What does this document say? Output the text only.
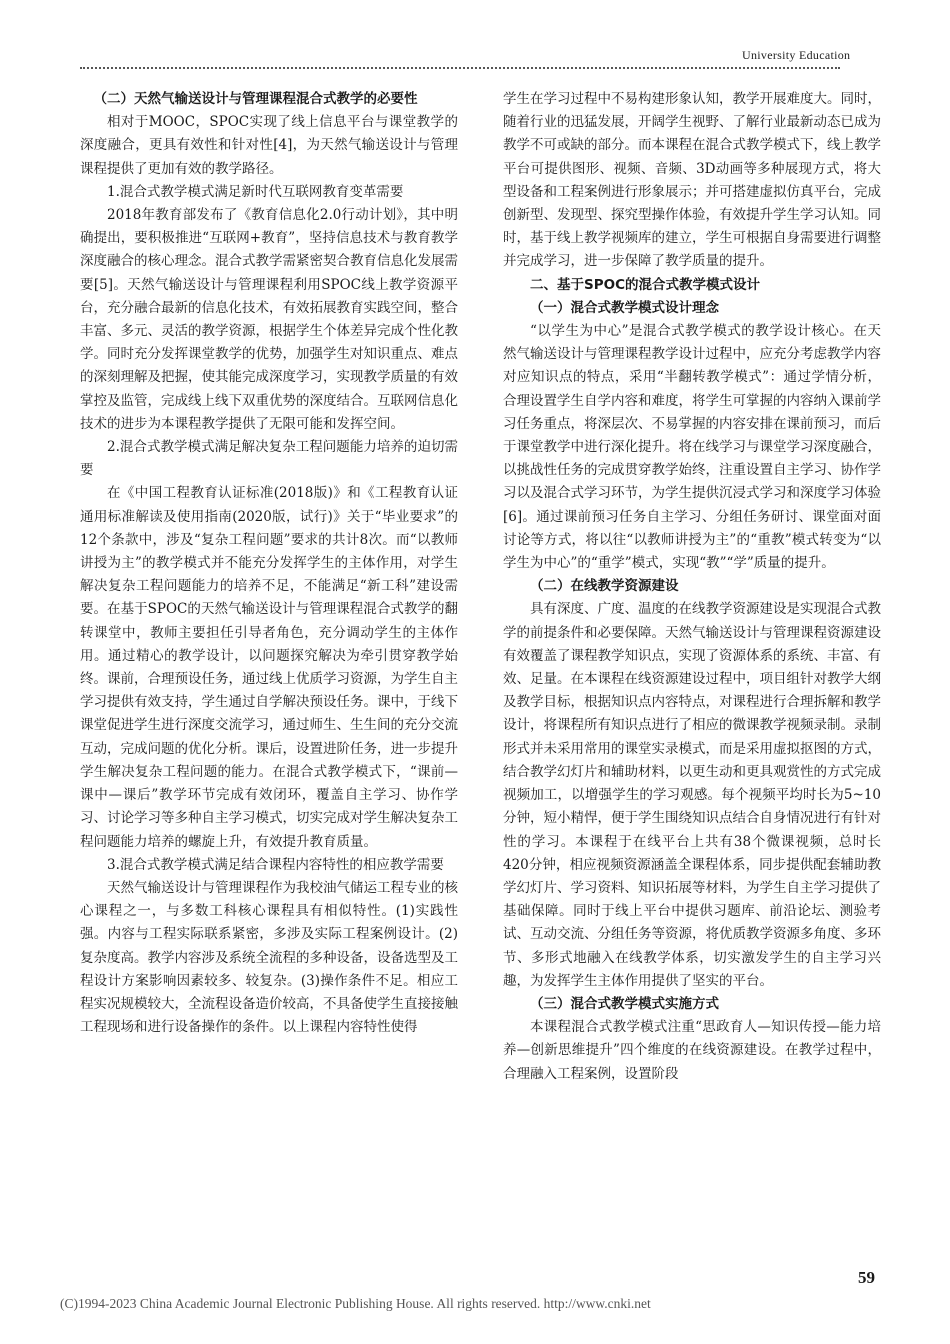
University Education
（二）天然气输送设计与管理课程混合式教学的必要性

相对于MOOC，SPOC实现了线上信息平台与课堂教学的深度融合，更具有效性和针对性[4]，为天然气输送设计与管理课程提供了更加有效的教学路径。

1.混合式教学模式满足新时代互联网教育变革需要

2018年教育部发布了《教育信息化2.0行动计划》，其中明确提出，要积极推进“互联网+教育”，坚持信息技术与教育教学深度融合的核心理念。混合式教学需紧密契合教育信息化发展需要[5]。天然气输送设计与管理课程利用SPOC线上教学资源平台，充分融合最新的信息化技术，有效拓展教育实践空间，整合丰富、多元、灵活的教学资源，根据学生个体差异完成个性化教学。同时充分发挥课堂教学的优势，加强学生对知识重点、难点的深刻理解及把握，使其能完成深度学习，实现教学质量的有效掌控及监管，完成线上线下双重优势的深度结合。互联网信息化技术的进步为本课程教学提供了无限可能和发挥空间。

2.混合式教学模式满足解决复杂工程问题能力培养的迫切需要

在《中国工程教育认证标准(2018版)》和《工程教育认证通用标准解读及使用指南(2020版，试行)》关于“毕业要求”的12个条款中，涉及“复杂工程问题”要求的共计8次。而“以教师讲授为主”的教学模式并不能充分发挥学生的主体作用，对学生解决复杂工程问题能力的培养不足，不能满足“新工科”建设需要。在基于SPOC的天然气输送设计与管理课程混合式教学的翻转课堂中，教师主要担任引导者角色，充分调动学生的主体作用。通过精心的教学设计，以问题探究解决为牵引贯穿教学始终。课前，合理预设任务，通过线上优质学习资源，为学生自主学习提供有效支持，学生通过自学解决预设任务。课中，于线下课堂促进学生进行深度交流学习，通过师生、生生间的充分交流互动，完成问题的优化分析。课后，设置进阶任务，进一步提升学生解决复杂工程问题的能力。在混合式教学模式下，“课前—课中—课后”教学环节完成有效闭环，覆盖自主学习、协作学习、讨论学习等多种自主学习模式，切实完成对学生解决复杂工程问题能力培养的螺旋上升，有效提升教育质量。

3.混合式教学模式满足结合课程内容特性的相应教学需要

天然气输送设计与管理课程作为我校油气储运工程专业的核心课程之一，与多数工科核心课程具有相似特性。(1)实践性强。内容与工程实际联系紧密，多涉及实际工程案例设计。(2)复杂度高。教学内容涉及系统全流程的多种设备，设备选型及工程设计方案影响因素较多、较复杂。(3)操作条件不足。相应工程实况规模较大，全流程设备造价较高，不具备使学生直接接触工程现场和进行设备操作的条件。以上课程内容特性使得

学生在学习过程中不易构建形象认知，教学开展难度大。同时，随着行业的迅猛发展，开阔学生视野、了解行业最新动态已成为教学不可或缺的部分。而本课程在混合式教学模式下，线上教学平台可提供图形、视频、音频、3D动画等多种展现方式，将大型设备和工程案例进行形象展示；并可搭建虚拟仿真平台，完成创新型、发现型、探究型操作体验，有效提升学生学习认知。同时，基于线上教学视频库的建立，学生可根据自身需要进行调整并完成学习，进一步保障了教学质量的提升。

二、基于SPOC的混合式教学模式设计
（一）混合式教学模式设计理念

“以学生为中心”是混合式教学模式的教学设计核心。在天然气输送设计与管理课程教学设计过程中，应充分考虑教学内容对应知识点的特点，采用“半翻转教学模式”：通过学情分析，合理设置学生自学内容和难度，将学生可掌握的内容纳入课前学习任务重点，将深层次、不易掌握的内容安排在课前预习，而后于课堂教学中进行深化提升。将在线学习与课堂学习深度融合，以挑战性任务的完成贯穿教学始终，注重设置自主学习、协作学习以及混合式学习环节，为学生提供沉浸式学习和深度学习体验[6]。通过课前预习任务自主学习、分组任务研讨、课堂面对面讨论等方式，将以往“以教师讲授为主”的“重教”模式转变为“以学生为中心”的“重学”模式，实现“教”“学”质量的提升。

（二）在线教学资源建设

具有深度、广度、温度的在线教学资源建设是实现混合式教学的前提条件和必要保障。天然气输送设计与管理课程资源建设有效覆盖了课程教学知识点，实现了资源体系的系统、丰富、有效、足量。在本课程在线资源建设过程中，项目组针对教学大纲及教学目标，根据知识点内容特点，对课程进行合理拆解和教学设计，将课程所有知识点进行了相应的微课教学视频录制。录制形式并未采用常用的课堂实录模式，而是采用虚拟抠图的方式，结合教学幻灯片和辅助材料，以更生动和更具观赏性的方式完成视频加工，以增强学生的学习观感。每个视频平均时长为5~10分钟，短小精悍，便于学生围绕知识点结合自身情况进行有针对性的学习。本课程于在线平台上共有38个微课视频，总时长420分钟，相应视频资源涵盖全课程体系，同步提供配套辅助教学幻灯片、学习资料、知识拓展等材料，为学生自主学习提供了基础保障。同时于线上平台中提供习题库、前沿论坛、测验考试、互动交流、分组任务等资源，将优质教学资源多角度、多环节、多形式地融入在线教学体系，切实激发学生的自主学习兴趣，为发挥学生主体作用提供了坚实的平台。

（三）混合式教学模式实施方式

本课程混合式教学模式注重“思政育人—知识传授—能力培养—创新思维提升”四个维度的在线资源建设。在教学过程中，合理融入工程案例，设置阶段

59
(C)1994-2023 China Academic Journal Electronic Publishing House. All rights reserved. http://www.cnki.net
